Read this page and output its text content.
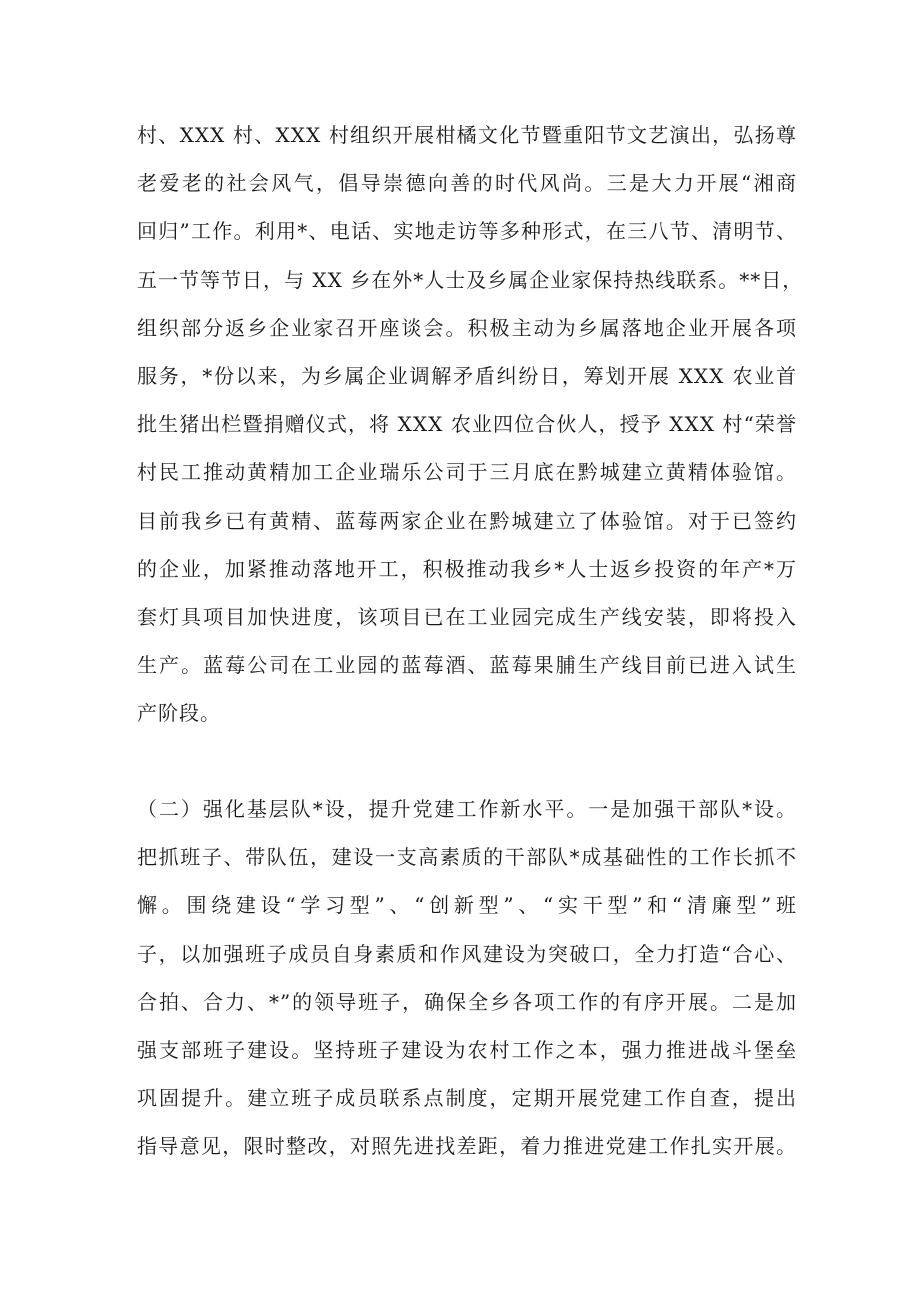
村、XXX 村、XXX 村组织开展柑橘文化节暨重阳节文艺演出，弘扬尊
老爱老的社会风气，倡导崇德向善的时代风尚。三是大力开展“湘商
回归”工作。利用*、电话、实地走访等多种形式，在三八节、清明节、
五一节等节日，与 XX 乡在外*人士及乡属企业家保持热线联系。**日，
组织部分返乡企业家召开座谈会。积极主动为乡属落地企业开展各项
服务，*份以来，为乡属企业调解矛盾纠纷日，筹划开展 XXX 农业首
批生猪出栏暨捐赠仪式，将 XXX 农业四位合伙人，授予 XXX 村“荣誉
村民工推动黄精加工企业瑞乐公司于三月底在黔城建立黄精体验馆。
目前我乡已有黄精、蓝莓两家企业在黔城建立了体验馆。对于已签约
的企业，加紧推动落地开工，积极推动我乡*人士返乡投资的年产*万
套灯具项目加快进度，该项目已在工业园完成生产线安装，即将投入
生产。蓝莓公司在工业园的蓝莓酒、蓝莓果脯生产线目前已进入试生
产阶段。
（二）强化基层队*设，提升党建工作新水平。一是加强干部队*设。
把抓班子、带队伍，建设一支高素质的干部队*成基础性的工作长抓不
懈。围绕建设“学习型”、“创新型”、“实干型”和“清廉型”班
子，以加强班子成员自身素质和作风建设为突破口，全力打造“合心、
合拍、合力、*”的领导班子，确保全乡各项工作的有序开展。二是加
强支部班子建设。坚持班子建设为农村工作之本，强力推进战斗堡垒
巩固提升。建立班子成员联系点制度，定期开展党建工作自查，提出
指导意见，限时整改，对照先进找差距，着力推进党建工作扎实开展。
